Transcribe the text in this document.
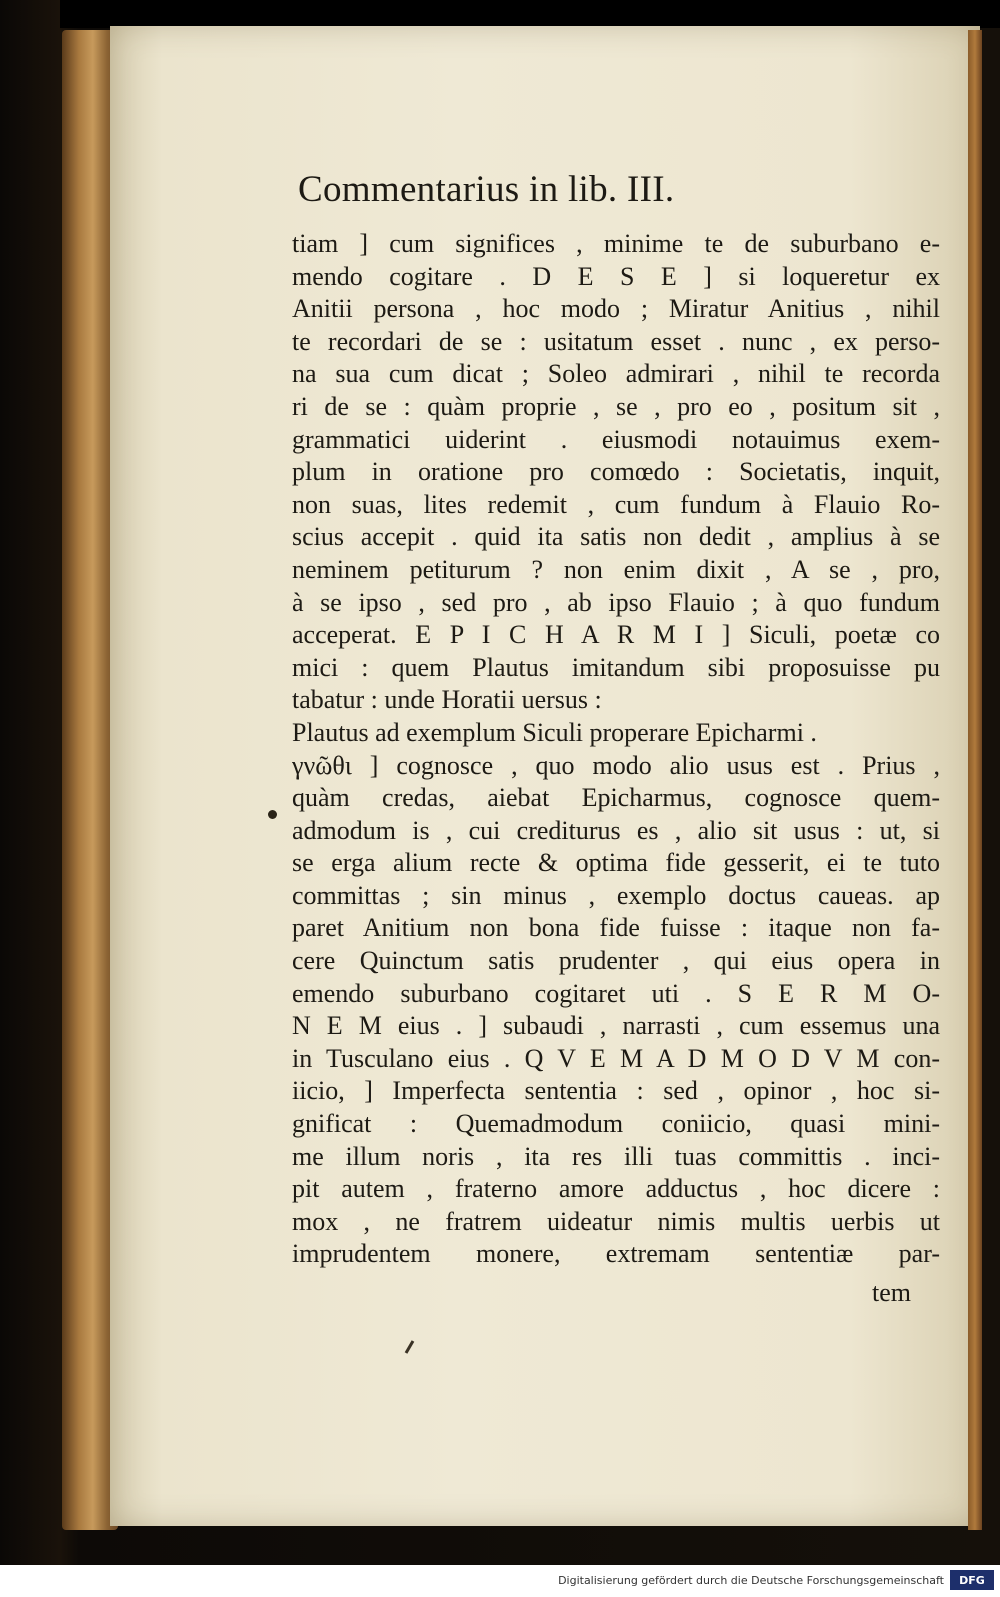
Commentarius in lib. III.
tiam ] cum significes , minime te de suburbano e-
mendo cogitare . D E S E ] si loqueretur ex
Anitii persona , hoc modo ; Miratur Anitius , nihil
te recordari de se : usitatum esset . nunc , ex perso-
na sua cum dicat ; Soleo admirari , nihil te recorda
ri de se : quàm proprie , se , pro eo , positum sit ,
grammatici uiderint . eiusmodi notauimus exem-
plum in oratione pro comœdo : Societatis, inquit,
non suas, lites redemit , cum fundum à Flauio Ro-
scius accepit . quid ita satis non dedit , amplius à se
neminem petiturum ? non enim dixit , A se , pro,
à se ipso , sed pro , ab ipso Flauio ; à quo fundum
acceperat. E P I C H A R M I ] Siculi, poetæ co
mici : quem Plautus imitandum sibi proposuisse pu
tabatur : unde Horatii uersus :
Plautus ad exemplum Siculi properare Epicharmi .
γνῶθι ] cognosce , quo modo alio usus est . Prius ,
quàm credas, aiebat Epicharmus, cognosce quem-
admodum is , cui crediturus es , alio sit usus : ut, si
se erga alium recte & optima fide gesserit, ei te tuto
committas ; sin minus , exemplo doctus caueas. ap
paret Anitium non bona fide fuisse : itaque non fa-
cere Quinctum satis prudenter , qui eius opera in
emendo suburbano cogitaret uti . S E R M O-
N E M eius . ] subaudi , narrasti , cum essemus una
in Tusculano eius . Q V E M A D M O D V M con-
iicio, ] Imperfecta sententia : sed , opinor , hoc si-
gnificat : Quemadmodum coniicio, quasi mini-
me illum noris , ita res illi tuas committis . inci-
pit autem , fraterno amore adductus , hoc dicere :
mox , ne fratrem uideatur nimis multis uerbis ut
imprudentem monere, extremam sententiæ par-
tem
Digitalisierung gefördert durch die Deutsche Forschungsgemeinschaft	DFG
